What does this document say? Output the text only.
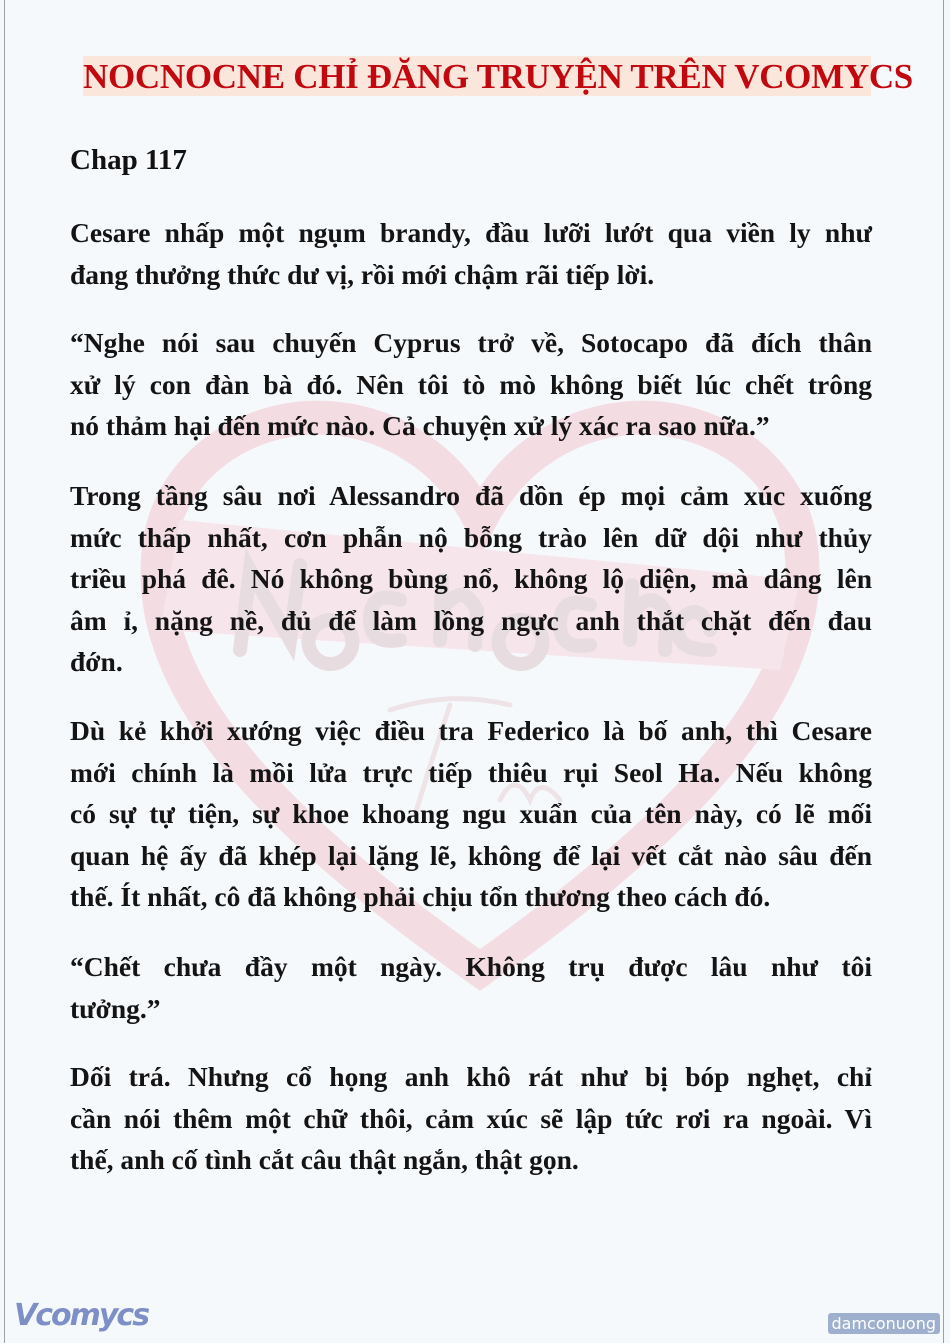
NOCNOCNE CHỈ ĐĂNG TRUYỆN TRÊN VCOMYCS
Chap 117
Cesare nhấp một ngụm brandy, đầu lưỡi lướt qua viền ly như
đang thưởng thức dư vị, rồi mới chậm rãi tiếp lời.
“Nghe nói sau chuyến Cyprus trở về, Sotocapo đã đích thân
xử lý con đàn bà đó. Nên tôi tò mò không biết lúc chết trông
nó thảm hại đến mức nào. Cả chuyện xử lý xác ra sao nữa.”
Trong tầng sâu nơi Alessandro đã dồn ép mọi cảm xúc xuống
mức thấp nhất, cơn phẫn nộ bỗng trào lên dữ dội như thủy
triều phá đê. Nó không bùng nổ, không lộ diện, mà dâng lên
âm ỉ, nặng nề, đủ để làm lồng ngực anh thắt chặt đến đau
đớn.
Dù kẻ khởi xướng việc điều tra Federico là bố anh, thì Cesare
mới chính là mồi lửa trực tiếp thiêu rụi Seol Ha. Nếu không
có sự tự tiện, sự khoe khoang ngu xuẩn của tên này, có lẽ mối
quan hệ ấy đã khép lại lặng lẽ, không để lại vết cắt nào sâu đến
thế. Ít nhất, cô đã không phải chịu tổn thương theo cách đó.
“Chết chưa đầy một ngày. Không trụ được lâu như tôi
tưởng.”
Dối trá. Nhưng cổ họng anh khô rát như bị bóp nghẹt, chỉ
cần nói thêm một chữ thôi, cảm xúc sẽ lập tức rơi ra ngoài. Vì
thế, anh cố tình cắt câu thật ngắn, thật gọn.
Vcomycs	damconuong
